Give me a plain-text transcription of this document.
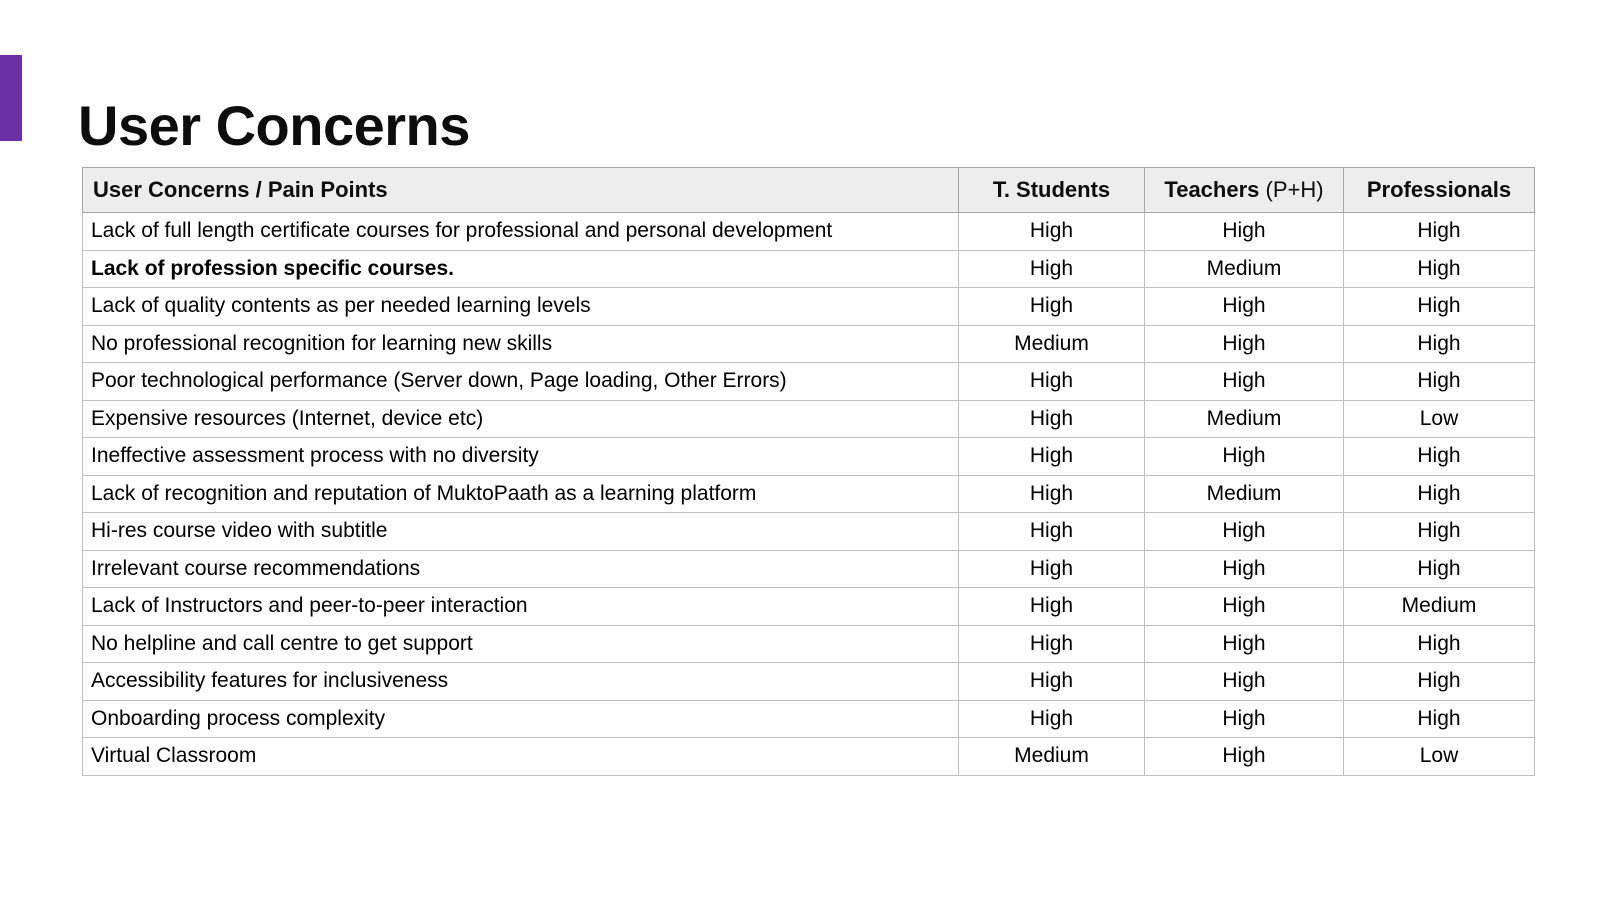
User Concerns
User Concerns / Pain Points	T. Students	Teachers (P+H)	Professionals
Lack of full length certificate courses for professional and personal development	High	High	High
Lack of profession specific courses.	High	Medium	High
Lack of quality contents as per needed learning levels	High	High	High
No professional recognition for learning new skills	Medium	High	High
Poor technological performance (Server down, Page loading, Other Errors)	High	High	High
Expensive resources (Internet, device etc)	High	Medium	Low
Ineffective assessment process with no diversity	High	High	High
Lack of recognition and reputation of MuktoPaath as a learning platform	High	Medium	High
Hi-res course video with subtitle	High	High	High
Irrelevant course recommendations	High	High	High
Lack of Instructors and peer-to-peer interaction	High	High	Medium
No helpline and call centre to get support	High	High	High
Accessibility features for inclusiveness	High	High	High
Onboarding process complexity	High	High	High
Virtual Classroom	Medium	High	Low
